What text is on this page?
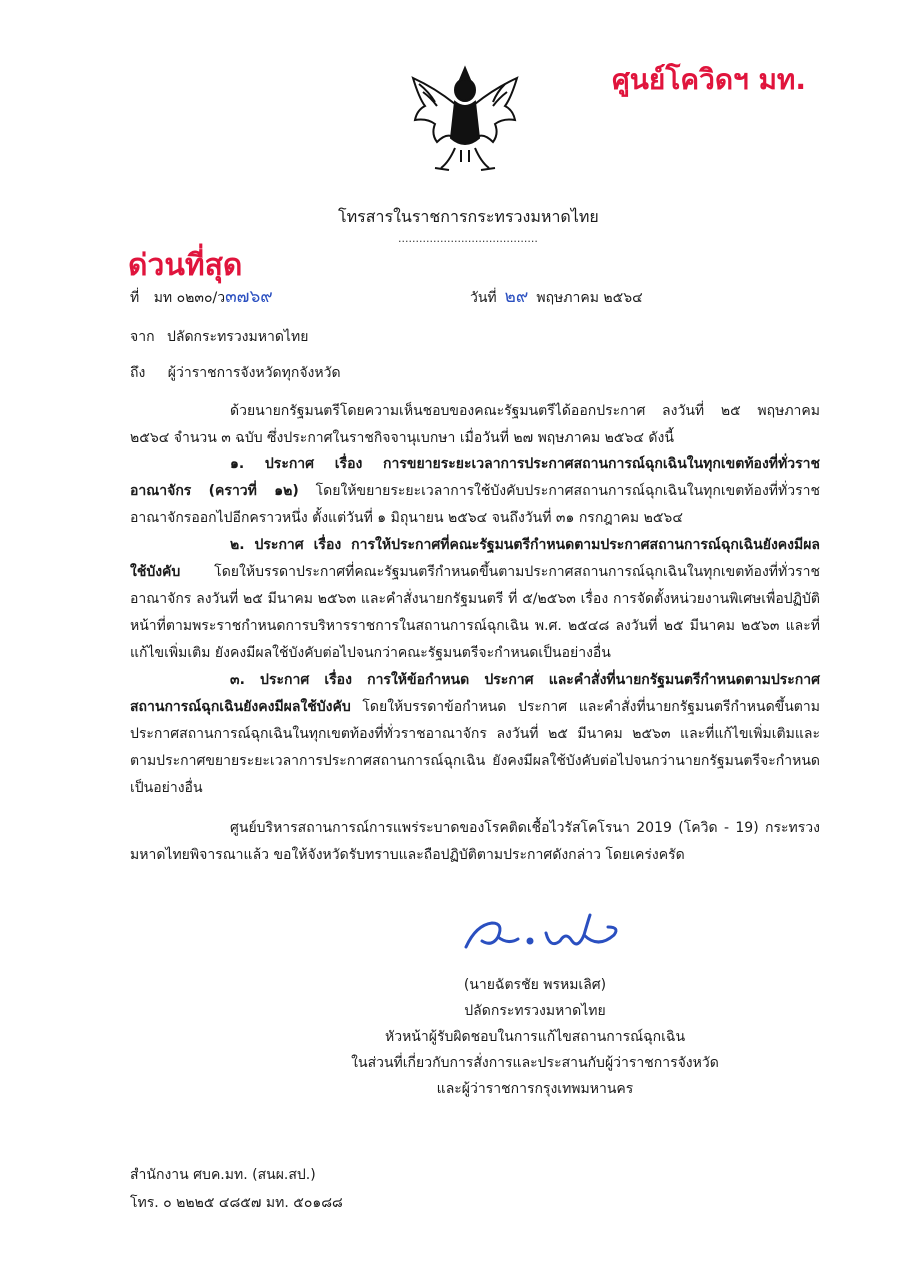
ศูนย์โควิดฯ มท.
โทรสารในราชการกระทรวงมหาดไทย
........................................
ด่วนที่สุด
ที่ มท ๐๒๓๐/ว๓๗๖๙	วันที่ ๒๙ พฤษภาคม ๒๕๖๔
จาก ปลัดกระทรวงมหาดไทย
ถึง ผู้ว่าราชการจังหวัดทุกจังหวัด
ด้วยนายกรัฐมนตรีโดยความเห็นชอบของคณะรัฐมนตรีได้ออกประกาศ ลงวันที่ ๒๕ พฤษภาคม ๒๕๖๔ จำนวน ๓ ฉบับ ซึ่งประกาศในราชกิจจานุเบกษา เมื่อวันที่ ๒๗ พฤษภาคม ๒๕๖๔ ดังนี้
๑. ประกาศ เรื่อง การขยายระยะเวลาการประกาศสถานการณ์ฉุกเฉินในทุกเขตท้องที่ทั่วราชอาณาจักร (คราวที่ ๑๒) โดยให้ขยายระยะเวลาการใช้บังคับประกาศสถานการณ์ฉุกเฉินในทุกเขตท้องที่ทั่วราชอาณาจักรออกไปอีกคราวหนึ่ง ตั้งแต่วันที่ ๑ มิถุนายน ๒๕๖๔ จนถึงวันที่ ๓๑ กรกฎาคม ๒๕๖๔
๒. ประกาศ เรื่อง การให้ประกาศที่คณะรัฐมนตรีกำหนดตามประกาศสถานการณ์ฉุกเฉินยังคงมีผลใช้บังคับ โดยให้บรรดาประกาศที่คณะรัฐมนตรีกำหนดขึ้นตามประกาศสถานการณ์ฉุกเฉินในทุกเขตท้องที่ทั่วราชอาณาจักร ลงวันที่ ๒๕ มีนาคม ๒๕๖๓ และคำสั่งนายกรัฐมนตรี ที่ ๕/๒๕๖๓ เรื่อง การจัดตั้งหน่วยงานพิเศษเพื่อปฏิบัติหน้าที่ตามพระราชกำหนดการบริหารราชการในสถานการณ์ฉุกเฉิน พ.ศ. ๒๕๔๘ ลงวันที่ ๒๕ มีนาคม ๒๕๖๓ และที่แก้ไขเพิ่มเติม ยังคงมีผลใช้บังคับต่อไปจนกว่าคณะรัฐมนตรีจะกำหนดเป็นอย่างอื่น
๓. ประกาศ เรื่อง การให้ข้อกำหนด ประกาศ และคำสั่งที่นายกรัฐมนตรีกำหนดตามประกาศสถานการณ์ฉุกเฉินยังคงมีผลใช้บังคับ โดยให้บรรดาข้อกำหนด ประกาศ และคำสั่งที่นายกรัฐมนตรีกำหนดขึ้นตามประกาศสถานการณ์ฉุกเฉินในทุกเขตท้องที่ทั่วราชอาณาจักร ลงวันที่ ๒๕ มีนาคม ๒๕๖๓ และที่แก้ไขเพิ่มเติมและตามประกาศขยายระยะเวลาการประกาศสถานการณ์ฉุกเฉิน ยังคงมีผลใช้บังคับต่อไปจนกว่านายกรัฐมนตรีจะกำหนดเป็นอย่างอื่น
ศูนย์บริหารสถานการณ์การแพร่ระบาดของโรคติดเชื้อไวรัสโคโรนา 2019 (โควิด - 19) กระทรวงมหาดไทยพิจารณาแล้ว ขอให้จังหวัดรับทราบและถือปฏิบัติตามประกาศดังกล่าว โดยเคร่งครัด
(นายฉัตรชัย พรหมเลิศ)
ปลัดกระทรวงมหาดไทย
หัวหน้าผู้รับผิดชอบในการแก้ไขสถานการณ์ฉุกเฉิน
ในส่วนที่เกี่ยวกับการสั่งการและประสานกับผู้ว่าราชการจังหวัด
และผู้ว่าราชการกรุงเทพมหานคร
สำนักงาน ศบค.มท. (สนผ.สป.)
โทร. ๐ ๒๒๒๕ ๔๘๕๗ มท. ๕๐๑๘๘
